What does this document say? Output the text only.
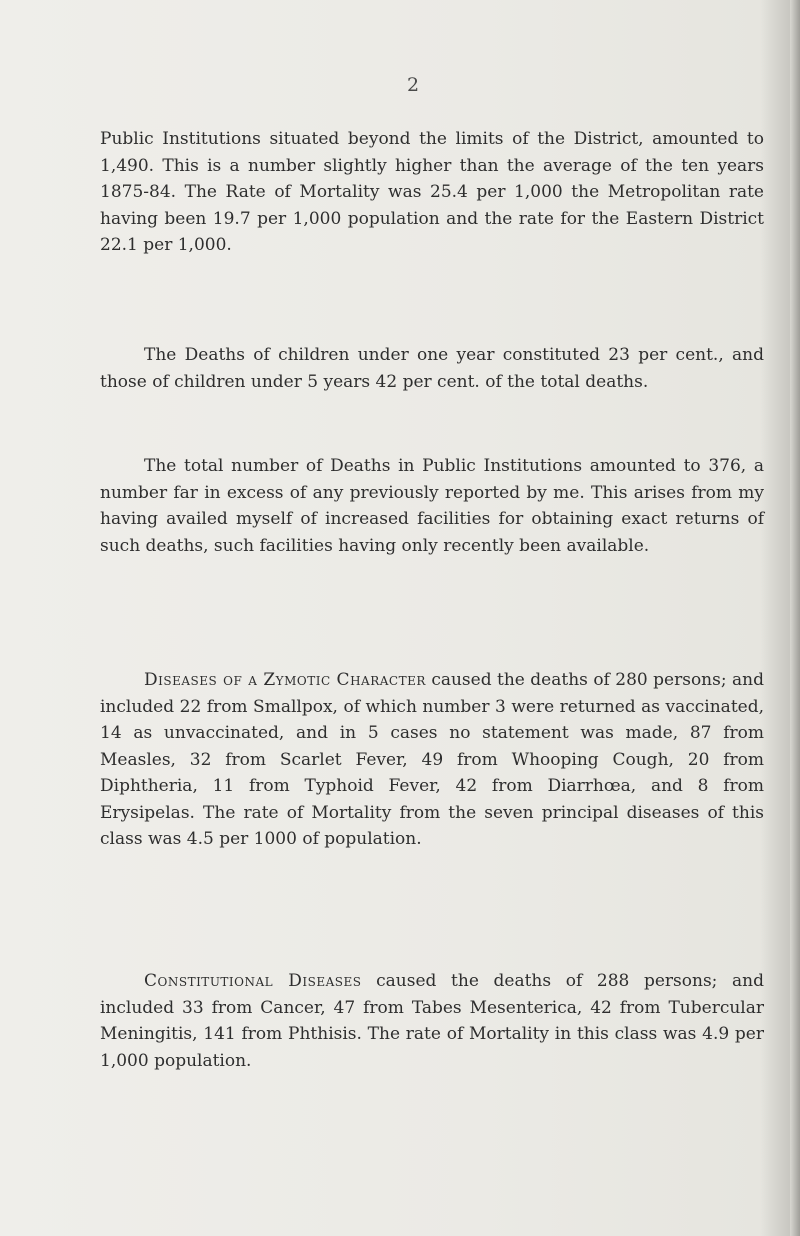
2

Public Institutions situated beyond the limits of the District, amounted to 1,490. This is a number slightly higher than the average of the ten years 1875-84. The Rate of Mortality was 25.4 per 1,000 the Metropolitan rate having been 19.7 per 1,000 population and the rate for the Eastern District 22.1 per 1,000.

The Deaths of children under one year constituted 23 per cent., and those of children under 5 years 42 per cent. of the total deaths.

The total number of Deaths in Public Institutions amounted to 376, a number far in excess of any previously reported by me. This arises from my having availed myself of increased facilities for obtaining exact returns of such deaths, such facilities having only recently been available.

Diseases of a Zymotic Character caused the deaths of 280 persons; and included 22 from Smallpox, of which number 3 were returned as vaccinated, 14 as unvaccinated, and in 5 cases no statement was made, 87 from Measles, 32 from Scarlet Fever, 49 from Whooping Cough, 20 from Diphtheria, 11 from Typhoid Fever, 42 from Diarrhœa, and 8 from Erysipelas. The rate of Mortality from the seven principal diseases of this class was 4.5 per 1000 of population.

Constitutional Diseases caused the deaths of 288 persons; and included 33 from Cancer, 47 from Tabes Mesenterica, 42 from Tubercular Meningitis, 141 from Phthisis. The rate of Mortality in this class was 4.9 per 1,000 population.
